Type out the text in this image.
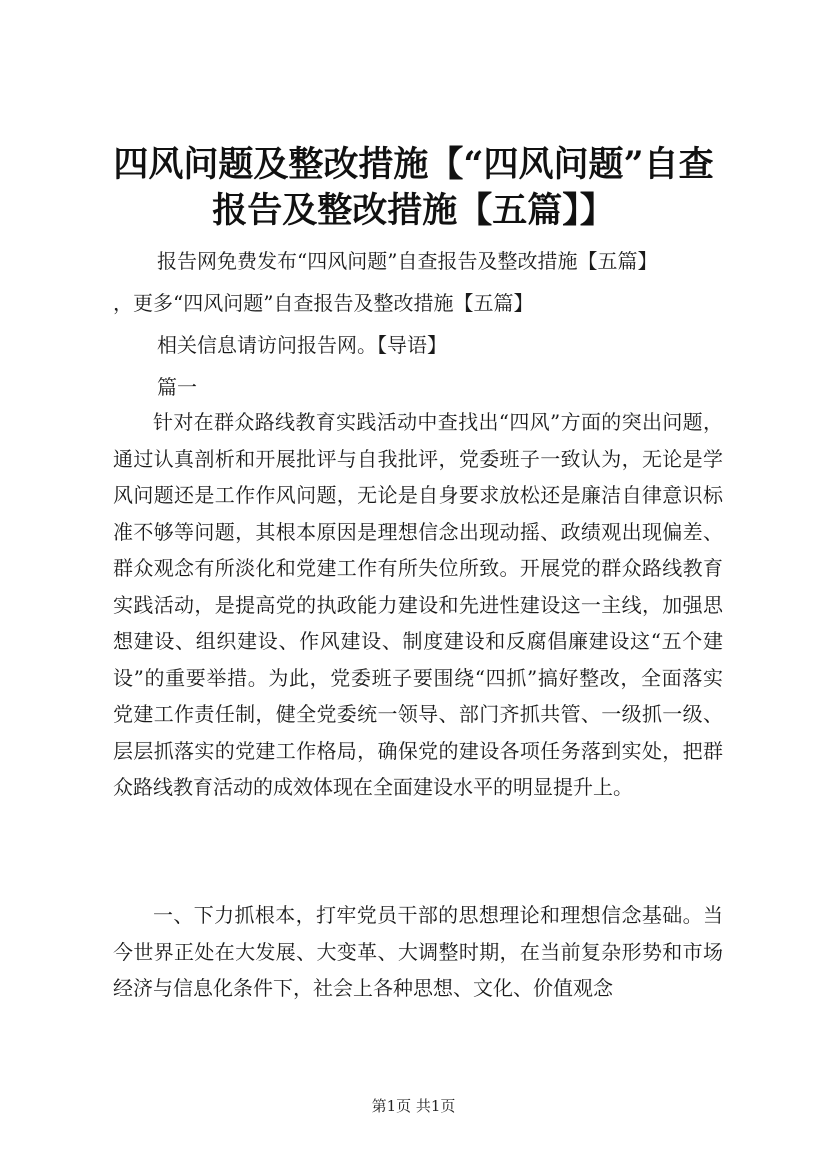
四风问题及整改措施【“四风问题”自查报告及整改措施【五篇】】
报告网免费发布“四风问题”自查报告及整改措施【五篇】
，更多“四风问题”自查报告及整改措施【五篇】
相关信息请访问报告网。【导语】
篇一
针对在群众路线教育实践活动中查找出“四风”方面的突出问题，通过认真剖析和开展批评与自我批评，党委班子一致认为，无论是学风问题还是工作作风问题，无论是自身要求放松还是廉洁自律意识标准不够等问题，其根本原因是理想信念出现动摇、政绩观出现偏差、群众观念有所淡化和党建工作有所失位所致。开展党的群众路线教育实践活动，是提高党的执政能力建设和先进性建设这一主线，加强思想建设、组织建设、作风建设、制度建设和反腐倡廉建设这“五个建设”的重要举措。为此，党委班子要围绕“四抓”搞好整改，全面落实党建工作责任制，健全党委统一领导、部门齐抓共管、一级抓一级、层层抓落实的党建工作格局，确保党的建设各项任务落到实处，把群众路线教育活动的成效体现在全面建设水平的明显提升上。
一、下力抓根本，打牢党员干部的思想理论和理想信念基础。当今世界正处在大发展、大变革、大调整时期，在当前复杂形势和市场经济与信息化条件下，社会上各种思想、文化、价值观念
第1页 共1页
